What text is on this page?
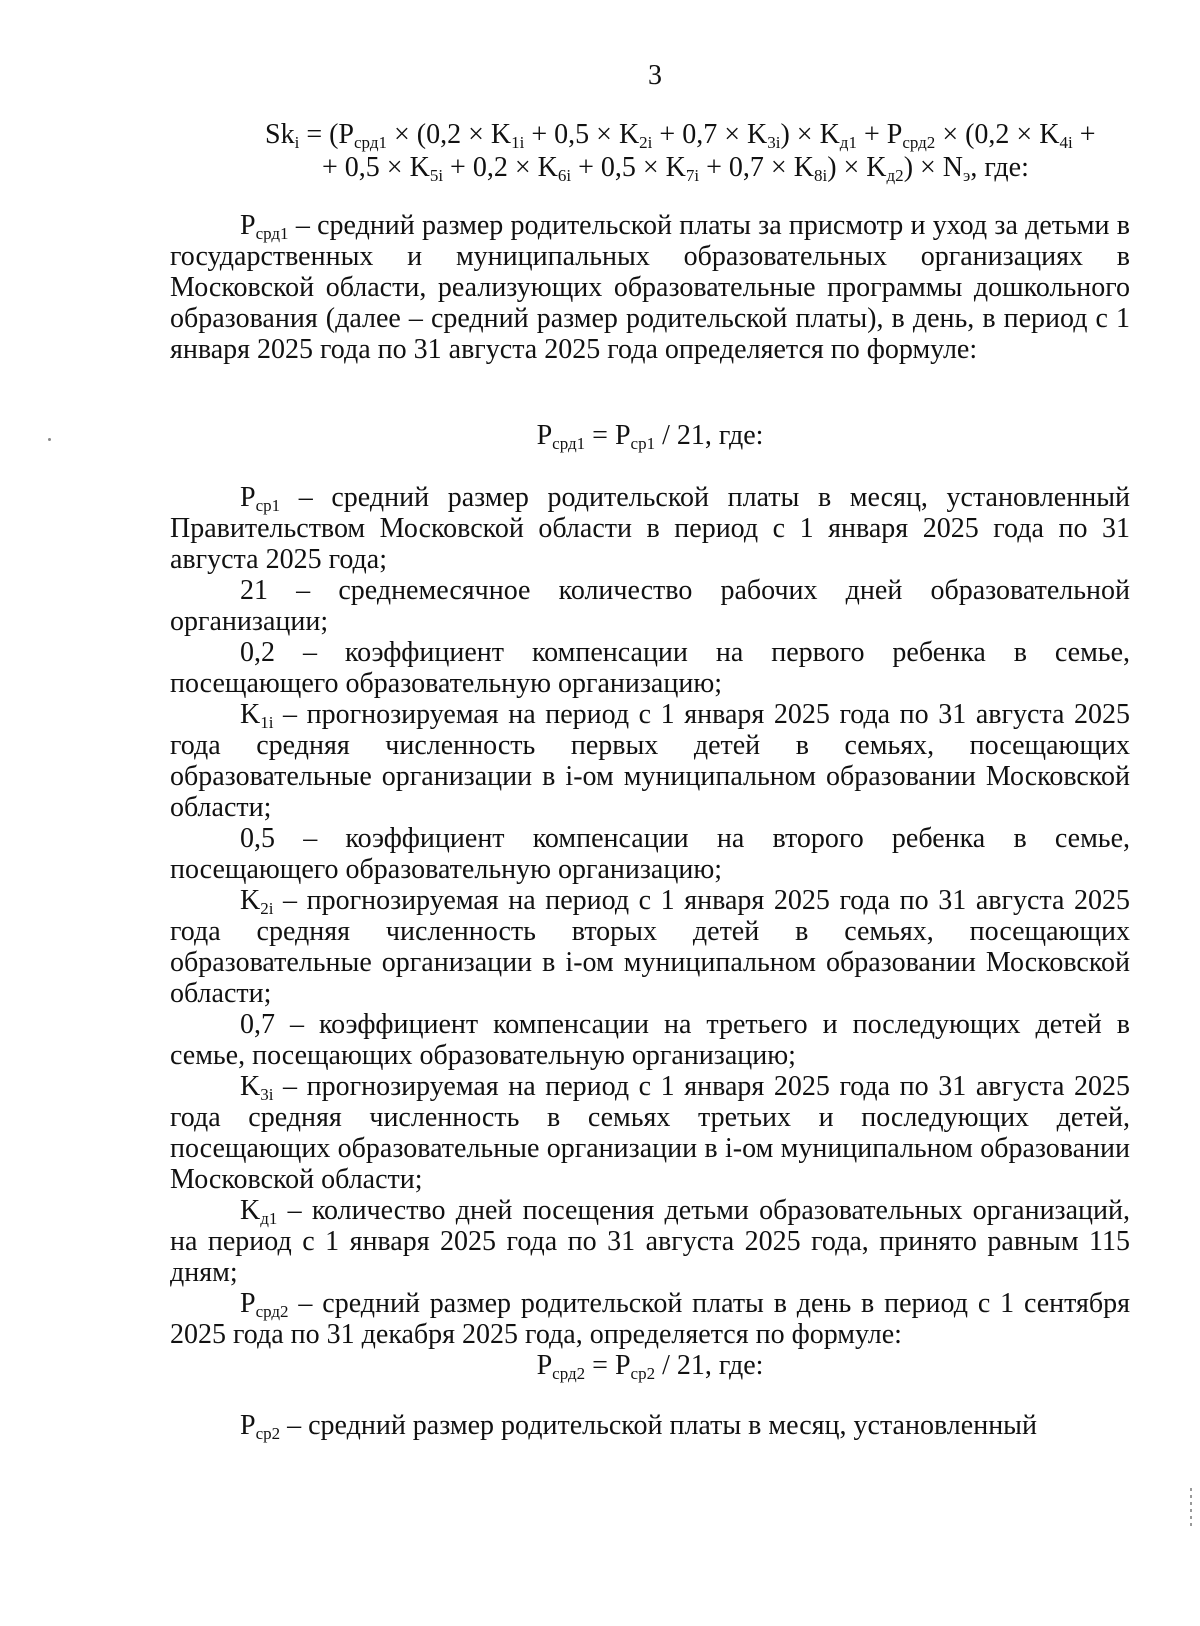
3
$Sk_i = (P_{срд1} \times (0,2 \times K_{1i} + 0,5 \times K_{2i} + 0,7 \times K_{3i}) \times K_{д1} + P_{срд2} \times (0,2 \times K_{4i}$ +
+ $0,5 \times K_{5i} + 0,2 \times K_{6i} + 0,5 \times K_{7i} + 0,7 \times K_{8i}) \times K_{д2}) \times N_э$, где:

$P_{срд1}$ – средний размер родительской платы за присмотр и уход за детьми в государственных и муниципальных образовательных организациях в Московской области, реализующих образовательные программы дошкольного образования (далее – средний размер родительской платы), в день, в период с 1 января 2025 года по 31 августа 2025 года определяется по формуле:

$P_{срд1} = P_{ср1} / 21$, где:

$P_{ср1}$ – средний размер родительской платы в месяц, установленный Правительством Московской области в период с 1 января 2025 года по 31 августа 2025 года;

21 – среднемесячное количество рабочих дней образовательной организации;

0,2 – коэффициент компенсации на первого ребенка в семье, посещающего образовательную организацию;

$K_{1i}$ – прогнозируемая на период с 1 января 2025 года по 31 августа 2025 года средняя численность первых детей в семьях, посещающих образовательные организации в i-ом муниципальном образовании Московской области;

0,5 – коэффициент компенсации на второго ребенка в семье, посещающего образовательную организацию;

$K_{2i}$ – прогнозируемая на период с 1 января 2025 года по 31 августа 2025 года средняя численность вторых детей в семьях, посещающих образовательные организации в i-ом муниципальном образовании Московской области;

0,7 – коэффициент компенсации на третьего и последующих детей в семье, посещающих образовательную организацию;

$K_{3i}$ – прогнозируемая на период с 1 января 2025 года по 31 августа 2025 года средняя численность в семьях третьих и последующих детей, посещающих образовательные организации в i-ом муниципальном образовании Московской области;

$K_{д1}$ – количество дней посещения детьми образовательных организаций, на период с 1 января 2025 года по 31 августа 2025 года, принято равным 115 дням;

$P_{срд2}$ – средний размер родительской платы в день в период с 1 сентября 2025 года по 31 декабря 2025 года, определяется по формуле:

$P_{срд2} = P_{ср2} / 21$, где:

$P_{ср2}$ – средний размер родительской платы в месяц, установленный
